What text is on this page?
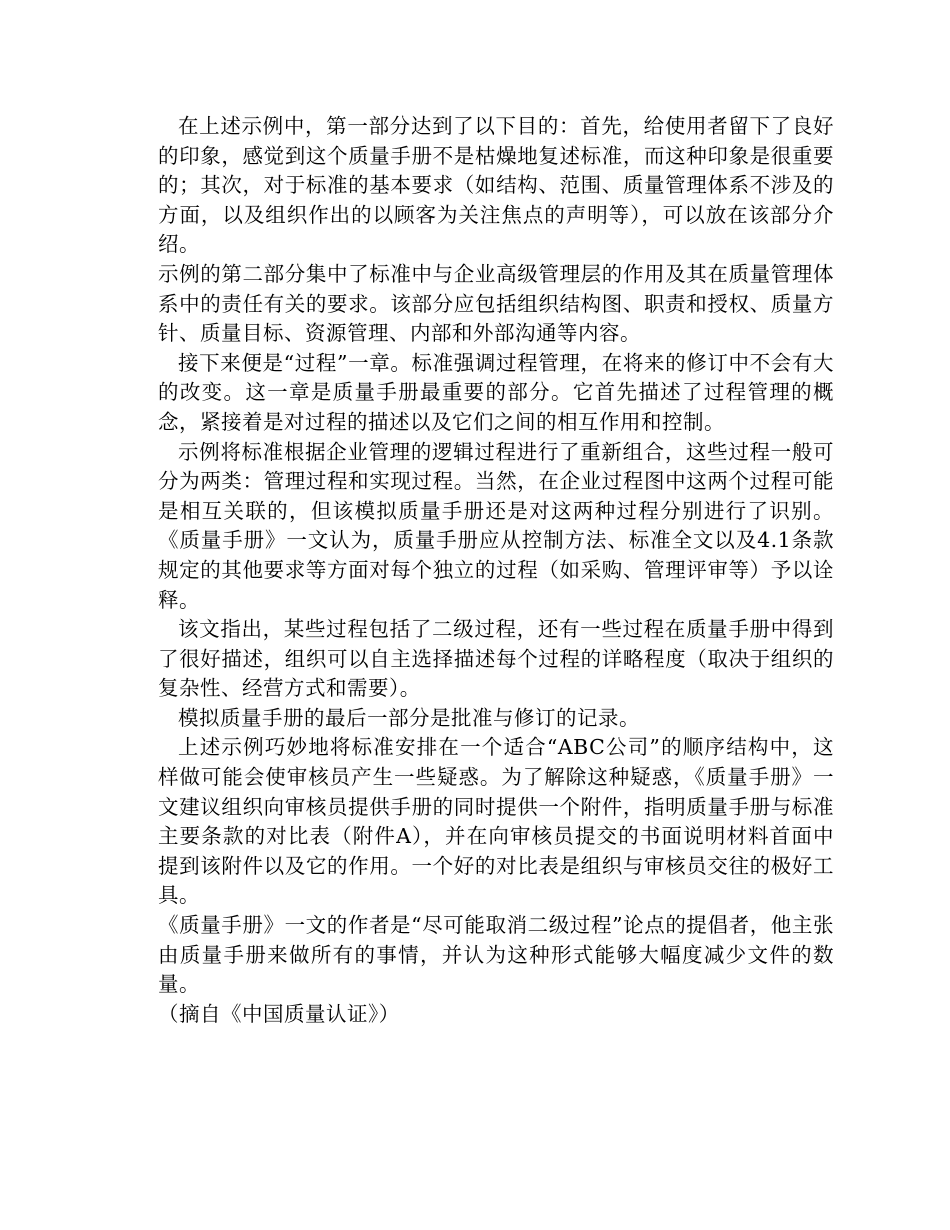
在上述示例中，第一部分达到了以下目的：首先，给使用者留下了良好的印象，感觉到这个质量手册不是枯燥地复述标准，而这种印象是很重要的；其次，对于标准的基本要求（如结构、范围、质量管理体系不涉及的方面，以及组织作出的以顾客为关注焦点的声明等），可以放在该部分介绍。

示例的第二部分集中了标准中与企业高级管理层的作用及其在质量管理体系中的责任有关的要求。该部分应包括组织结构图、职责和授权、质量方针、质量目标、资源管理、内部和外部沟通等内容。

接下来便是“过程”一章。标准强调过程管理，在将来的修订中不会有大的改变。这一章是质量手册最重要的部分。它首先描述了过程管理的概念，紧接着是对过程的描述以及它们之间的相互作用和控制。

示例将标准根据企业管理的逻辑过程进行了重新组合，这些过程一般可分为两类：管理过程和实现过程。当然，在企业过程图中这两个过程可能是相互关联的，但该模拟质量手册还是对这两种过程分别进行了识别。《质量手册》一文认为，质量手册应从控制方法、标准全文以及4.1条款规定的其他要求等方面对每个独立的过程（如采购、管理评审等）予以诠释。

该文指出，某些过程包括了二级过程，还有一些过程在质量手册中得到了很好描述，组织可以自主选择描述每个过程的详略程度（取决于组织的复杂性、经营方式和需要）。

模拟质量手册的最后一部分是批准与修订的记录。

上述示例巧妙地将标准安排在一个适合“ABC公司”的顺序结构中，这样做可能会使审核员产生一些疑惑。为了解除这种疑惑，《质量手册》一文建议组织向审核员提供手册的同时提供一个附件，指明质量手册与标准主要条款的对比表（附件A），并在向审核员提交的书面说明材料首面中提到该附件以及它的作用。一个好的对比表是组织与审核员交往的极好工具。

《质量手册》一文的作者是“尽可能取消二级过程”论点的提倡者，他主张由质量手册来做所有的事情，并认为这种形式能够大幅度减少文件的数量。

（摘自《中国质量认证》）
